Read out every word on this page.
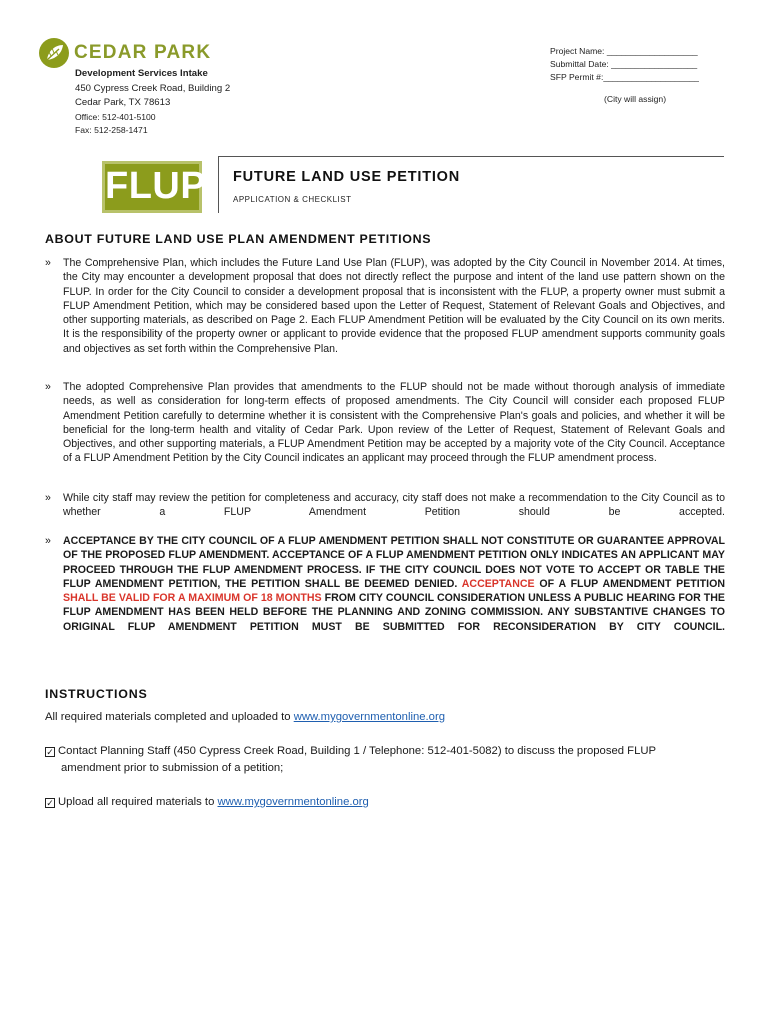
CEDAR PARK
Development Services Intake
450 Cypress Creek Road, Building 2
Cedar Park, TX 78613
Office: 512-401-5100
Fax: 512-258-1471
Project Name: ___________________
Submittal Date: __________________
SFP Permit #:____________________
(City will assign)
FLUP FUTURE LAND USE PETITION
APPLICATION & CHECKLIST
ABOUT FUTURE LAND USE PLAN AMENDMENT PETITIONS
» The Comprehensive Plan, which includes the Future Land Use Plan (FLUP), was adopted by the City Council in November 2014. At times, the City may encounter a development proposal that does not directly reflect the purpose and intent of the land use pattern shown on the FLUP. In order for the City Council to consider a development proposal that is inconsistent with the FLUP, a property owner must submit a FLUP Amendment Petition, which may be considered based upon the Letter of Request, Statement of Relevant Goals and Objectives, and other supporting materials, as described on Page 2. Each FLUP Amendment Petition will be evaluated by the City Council on its own merits. It is the responsibility of the property owner or applicant to provide evidence that the proposed FLUP amendment supports community goals and objectives as set forth within the Comprehensive Plan.
» The adopted Comprehensive Plan provides that amendments to the FLUP should not be made without thorough analysis of immediate needs, as well as consideration for long-term effects of proposed amendments. The City Council will consider each proposed FLUP Amendment Petition carefully to determine whether it is consistent with the Comprehensive Plan's goals and policies, and whether it will be beneficial for the long-term health and vitality of Cedar Park. Upon review of the Letter of Request, Statement of Relevant Goals and Objectives, and other supporting materials, a FLUP Amendment Petition may be accepted by a majority vote of the City Council. Acceptance of a FLUP Amendment Petition by the City Council indicates an applicant may proceed through the FLUP amendment process.
» While city staff may review the petition for completeness and accuracy, city staff does not make a recommendation to the City Council as to whether a FLUP Amendment Petition should be accepted.
» ACCEPTANCE BY THE CITY COUNCIL OF A FLUP AMENDMENT PETITION SHALL NOT CONSTITUTE OR GUARANTEE APPROVAL OF THE PROPOSED FLUP AMENDMENT. ACCEPTANCE OF A FLUP AMENDMENT PETITION ONLY INDICATES AN APPLICANT MAY PROCEED THROUGH THE FLUP AMENDMENT PROCESS. IF THE CITY COUNCIL DOES NOT VOTE TO ACCEPT OR TABLE THE FLUP AMENDMENT PETITION, THE PETITION SHALL BE DEEMED DENIED. ACCEPTANCE OF A FLUP AMENDMENT PETITION SHALL BE VALID FOR A MAXIMUM OF 18 MONTHS FROM CITY COUNCIL CONSIDERATION UNLESS A PUBLIC HEARING FOR THE FLUP AMENDMENT HAS BEEN HELD BEFORE THE PLANNING AND ZONING COMMISSION. ANY SUBSTANTIVE CHANGES TO ORIGINAL FLUP AMENDMENT PETITION MUST BE SUBMITTED FOR RECONSIDERATION BY CITY COUNCIL.
INSTRUCTIONS
All required materials completed and uploaded to www.mygovernmentonline.org
✓ Contact Planning Staff (450 Cypress Creek Road, Building 1 / Telephone: 512-401-5082) to discuss the proposed FLUP
amendment prior to submission of a petition;
✓ Upload all required materials to www.mygovernmentonline.org
